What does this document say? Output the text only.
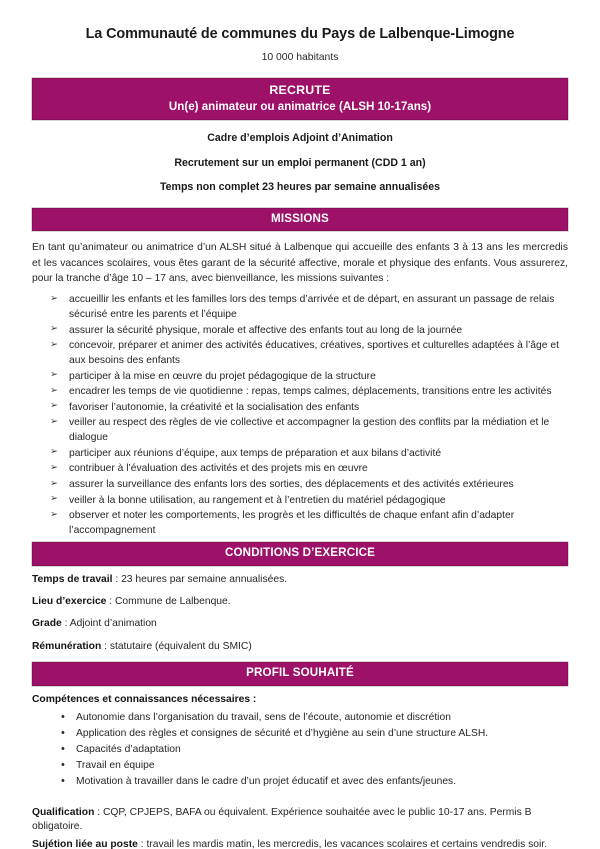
La Communauté de communes du Pays de Lalbenque-Limogne
10 000 habitants
RECRUTE
Un(e) animateur ou animatrice (ALSH 10-17ans)
Cadre d’emplois Adjoint d’Animation
Recrutement sur un emploi permanent (CDD 1 an)
Temps non complet 23 heures par semaine annualisées
MISSIONS

En tant qu’animateur ou animatrice d’un ALSH situé à Lalbenque qui accueille des enfants 3 à 13 ans les mercredis et les vacances scolaires, vous êtes garant de la sécurité affective, morale et physique des enfants. Vous assurerez, pour la tranche d’âge 10 – 17 ans, avec bienveillance, les missions suivantes :

➢ accueillir les enfants et les familles lors des temps d’arrivée et de départ, en assurant un passage de relais sécurisé entre les parents et l’équipe
➢ assurer la sécurité physique, morale et affective des enfants tout au long de la journée
➢ concevoir, préparer et animer des activités éducatives, créatives, sportives et culturelles adaptées à l’âge et aux besoins des enfants
➢ participer à la mise en œuvre du projet pédagogique de la structure
➢ encadrer les temps de vie quotidienne : repas, temps calmes, déplacements, transitions entre les activités
➢ favoriser l’autonomie, la créativité et la socialisation des enfants
➢ veiller au respect des règles de vie collective et accompagner la gestion des conflits par la médiation et le dialogue
➢ participer aux réunions d’équipe, aux temps de préparation et aux bilans d’activité
➢ contribuer à l’évaluation des activités et des projets mis en œuvre
➢ assurer la surveillance des enfants lors des sorties, des déplacements et des activités extérieures
➢ veiller à la bonne utilisation, au rangement et à l’entretien du matériel pédagogique
➢ observer et noter les comportements, les progrès et les difficultés de chaque enfant afin d’adapter l’accompagnement
CONDITIONS D’EXERCICE
Temps de travail : 23 heures par semaine annualisées.
Lieu d’exercice : Commune de Lalbenque.
Grade : Adjoint d’animation
Rémunération : statutaire (équivalent du SMIC)
PROFIL SOUHAITÉ
Compétences et connaissances nécessaires :
• Autonomie dans l’organisation du travail, sens de l’écoute, autonomie et discrétion
• Application des règles et consignes de sécurité et d’hygiène au sein d’une structure ALSH.
• Capacités d’adaptation
• Travail en équipe
• Motivation à travailler dans le cadre d’un projet éducatif et avec des enfants/jeunes.
Qualification : CQP, CPJEPS, BAFA ou équivalent. Expérience souhaitée avec le public 10-17 ans. Permis B obligatoire.
Sujétion liée au poste : travail les mardis matin, les mercredis, les vacances scolaires et certains vendredis soir.
